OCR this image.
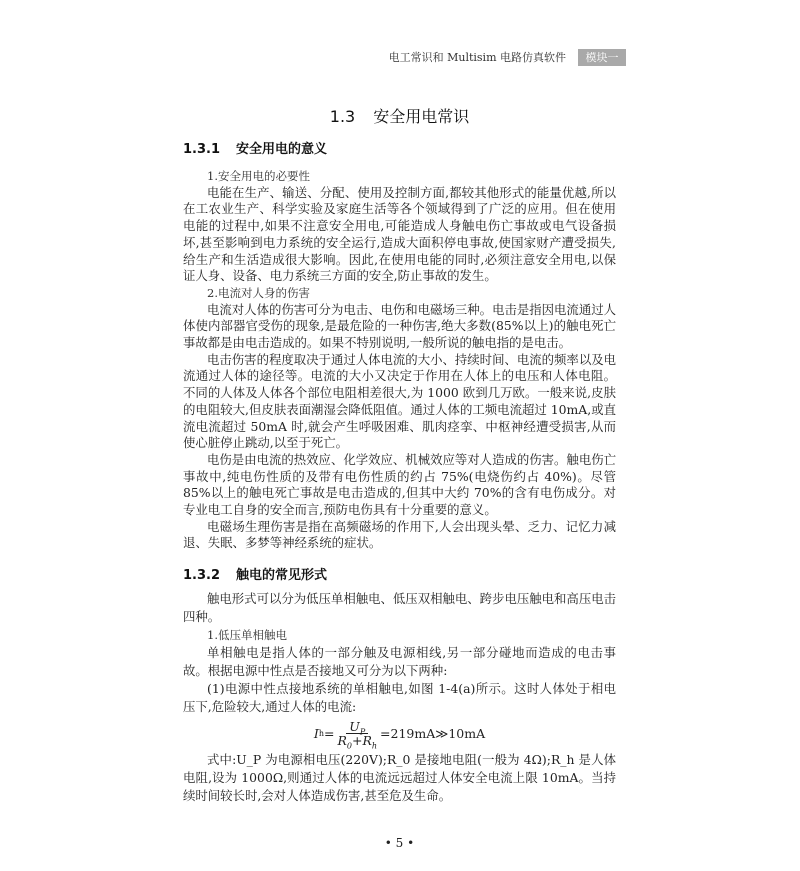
电工常识和 Multisim 电路仿真软件	模块一
1.3 安全用电常识
1.3.1 安全用电的意义
1.安全用电的必要性

电能在生产、输送、分配、使用及控制方面,都较其他形式的能量优越,所以在工农业生产、科学实验及家庭生活等各个领域得到了广泛的应用。但在使用电能的过程中,如果不注意安全用电,可能造成人身触电伤亡事故或电气设备损坏,甚至影响到电力系统的安全运行,造成大面积停电事故,使国家财产遭受损失,给生产和生活造成很大影响。因此,在使用电能的同时,必须注意安全用电,以保证人身、设备、电力系统三方面的安全,防止事故的发生。

2.电流对人身的伤害

电流对人体的伤害可分为电击、电伤和电磁场三种。电击是指因电流通过人体使内部器官受伤的现象,是最危险的一种伤害,绝大多数(85%以上)的触电死亡事故都是由电击造成的。如果不特别说明,一般所说的触电指的是电击。

电击伤害的程度取决于通过人体电流的大小、持续时间、电流的频率以及电流通过人体的途径等。电流的大小又决定于作用在人体上的电压和人体电阻。不同的人体及人体各个部位电阻相差很大,为 1000 欧到几万欧。一般来说,皮肤的电阻较大,但皮肤表面潮湿会降低阻值。通过人体的工频电流超过 10mA,或直流电流超过 50mA 时,就会产生呼吸困难、肌肉痉挛、中枢神经遭受损害,从而使心脏停止跳动,以至于死亡。

电伤是由电流的热效应、化学效应、机械效应等对人造成的伤害。触电伤亡事故中,纯电伤性质的及带有电伤性质的约占 75%(电烧伤约占 40%)。尽管 85%以上的触电死亡事故是电击造成的,但其中大约 70%的含有电伤成分。对专业电工自身的安全而言,预防电伤具有十分重要的意义。

电磁场生理伤害是指在高频磁场的作用下,人会出现头晕、乏力、记忆力减退、失眠、多梦等神经系统的症状。

1.3.2 触电的常见形式

触电形式可以分为低压单相触电、低压双相触电、跨步电压触电和高压电击四种。

1.低压单相触电

单相触电是指人体的一部分触及电源相线,另一部分碰地而造成的电击事故。根据电源中性点是否接地又可分为以下两种:

(1)电源中性点接地系统的单相触电,如图 1-4(a)所示。这时人体处于相电压下,危险较大,通过人体的电流:

I $h = \frac{U_P}{R_0+R_h}$ =219mA≫10mA

式中:U_P 为电源相电压(220V);R_0 是接地电阻(一般为 4Ω);R_h 是人体电阻,设为 1000Ω,则通过人体的电流远远超过人体安全电流上限 10mA。当持续时间较长时,会对人体造成伤害,甚至危及生命。

• 5 •
